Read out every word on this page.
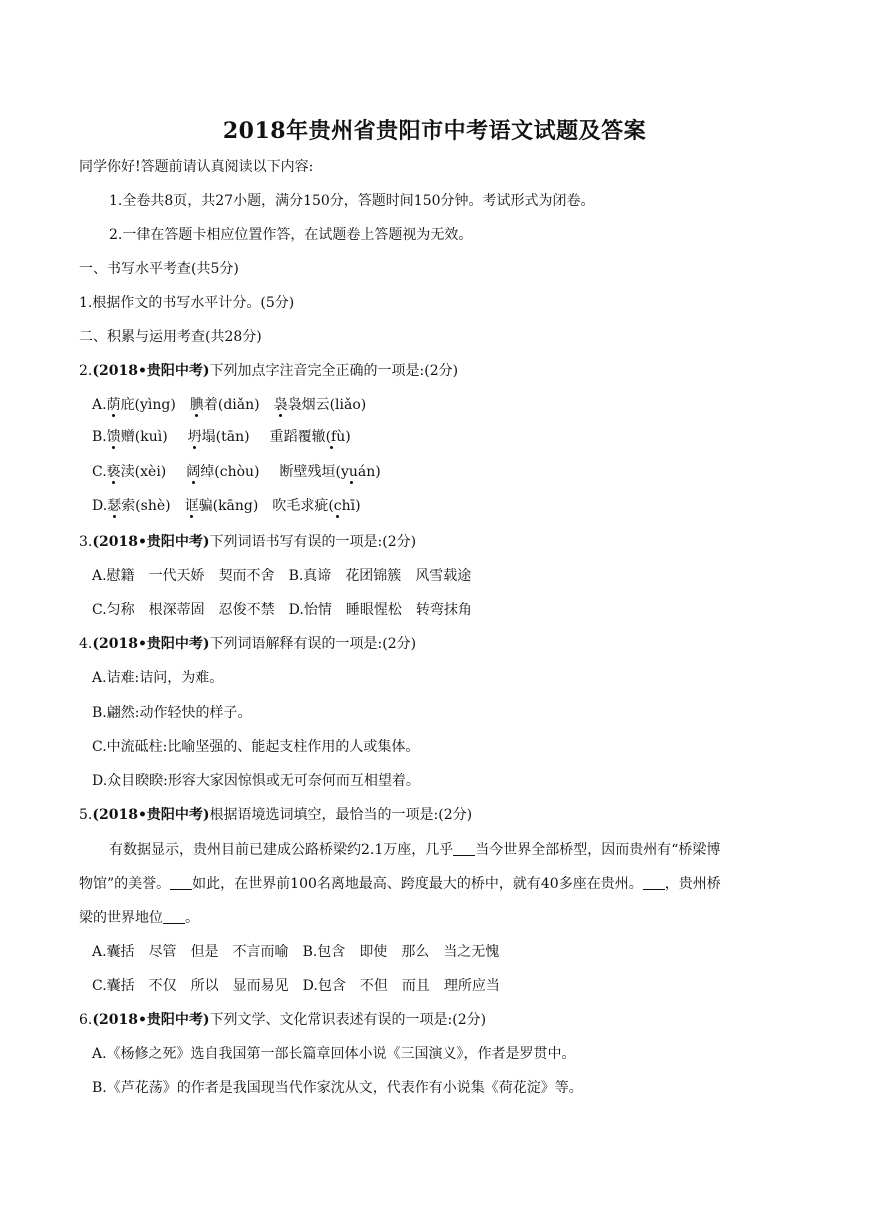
2018年贵州省贵阳市中考语文试题及答案
同学你好!答题前请认真阅读以下内容:
1.全卷共8页，共27小题，满分150分，答题时间150分钟。考试形式为闭卷。
2.一律在答题卡相应位置作答，在试题卷上答题视为无效。
一、书写水平考查(共5分)
1.根据作文的书写水平计分。(5分)
二、积累与运用考查(共28分)
2.(2018•贵阳中考)下列加点字注音完全正确的一项是:(2分)
A.荫庇(yìng) 腆着(diǎn) 袅袅烟云(liǎo)
B.馈赠(kuì) 坍塌(tān) 重蹈覆辙(fù)
C.亵渎(xèi) 阔绰(chòu) 断壁残垣(yuán)
D.瑟索(shè) 诓骗(kāng) 吹毛求疵(chī)
3.(2018•贵阳中考)下列词语书写有误的一项是:(2分)
A.慰籍 一代天娇 契而不舍 B.真谛 花团锦簇 风雪载途
C.匀称 根深蒂固 忍俊不禁 D.怡情 睡眼惺松 转弯抹角
4.(2018•贵阳中考)下列词语解释有误的一项是:(2分)
A.诘难:诘问，为难。
B.翩然:动作轻快的样子。
C.中流砥柱:比喻坚强的、能起支柱作用的人或集体。
D.众目睽睽:形容大家因惊惧或无可奈何而互相望着。
5.(2018•贵阳中考)根据语境选词填空，最恰当的一项是:(2分)
有数据显示，贵州目前已建成公路桥梁约2.1万座，几乎 当今世界全部桥型，因而贵州有“桥梁博
物馆”的美誉。 如此，在世界前100名离地最高、跨度最大的桥中，就有40多座在贵州。 ，贵州桥
梁的世界地位 。
A.囊括 尽管 但是 不言而喻 B.包含 即使 那么 当之无愧
C.囊括 不仅 所以 显而易见 D.包含 不但 而且 理所应当
6.(2018•贵阳中考)下列文学、文化常识表述有误的一项是:(2分)
A.《杨修之死》选自我国第一部长篇章回体小说《三国演义》，作者是罗贯中。
B.《芦花荡》的作者是我国现当代作家沈从文，代表作有小说集《荷花淀》等。
